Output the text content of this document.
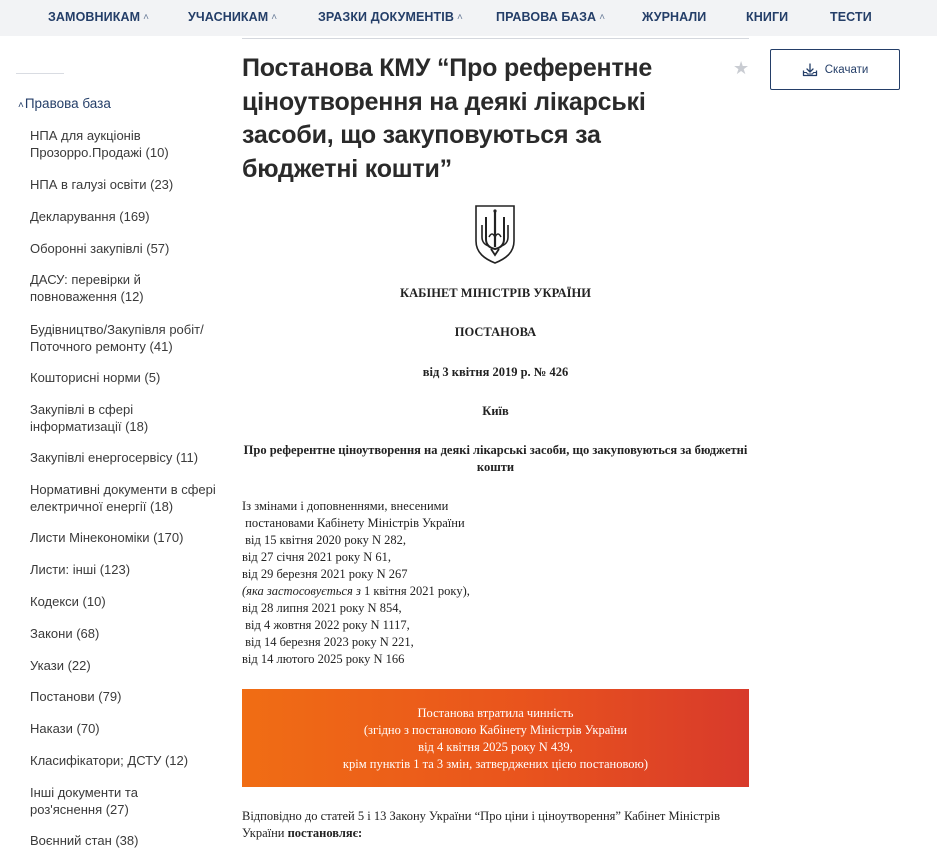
ЗАМОВНИКАМ ˄	УЧАСНИКАМ ˄	ЗРАЗКИ ДОКУМЕНТІВ ˄	ПРАВОВА БАЗА ˄	ЖУРНАЛИ	КНИГИ	ТЕСТИ
˄Правова база
НПА для аукціонів Прозорро.Продажі (10)
НПА в галузі освіти (23)
Декларування (169)
Оборонні закупівлі (57)
ДАСУ: перевірки й повноваження (12)
Будівництво/Закупівля робіт/ Поточного ремонту (41)
Кошторисні норми (5)
Закупівлі в сфері інформатизації (18)
Закупівлі енергосервісу (11)
Нормативні документи в сфері електричної енергії (18)
Листи Мінекономіки (170)
Листи: інші (123)
Кодекси (10)
Закони (68)
Укази (22)
Постанови (79)
Накази (70)
Класифікатори; ДСТУ (12)
Інші документи та роз'яснення (27)
Воєнний стан (38)
Постанова КМУ “Про референтне ціноутворення на деякі лікарські засоби, що закуповуються за бюджетні кошти”
★	Скачати
КАБІНЕТ МІНІСТРІВ УКРАЇНИ
ПОСТАНОВА
від 3 квітня 2019 р. № 426
Київ
Про референтне ціноутворення на деякі лікарські засоби, що закуповуються за бюджетні кошти
Із змінами і доповненнями, внесеними
постановами Кабінету Міністрів України
від 15 квітня 2020 року N 282,
від 27 січня 2021 року N 61,
від 29 березня 2021 року N 267
(яка застосовується з 1 квітня 2021 року),
від 28 липня 2021 року N 854,
від 4 жовтня 2022 року N 1117,
від 14 березня 2023 року N 221,
від 14 лютого 2025 року N 166
Постанова втратила чинність
(згідно з постановою Кабінету Міністрів України
від 4 квітня 2025 року N 439,
крім пунктів 1 та 3 змін, затверджених цією постановою)
Відповідно до статей 5 і 13 Закону України “Про ціни і ціноутворення” Кабінет Міністрів України постановляє:
